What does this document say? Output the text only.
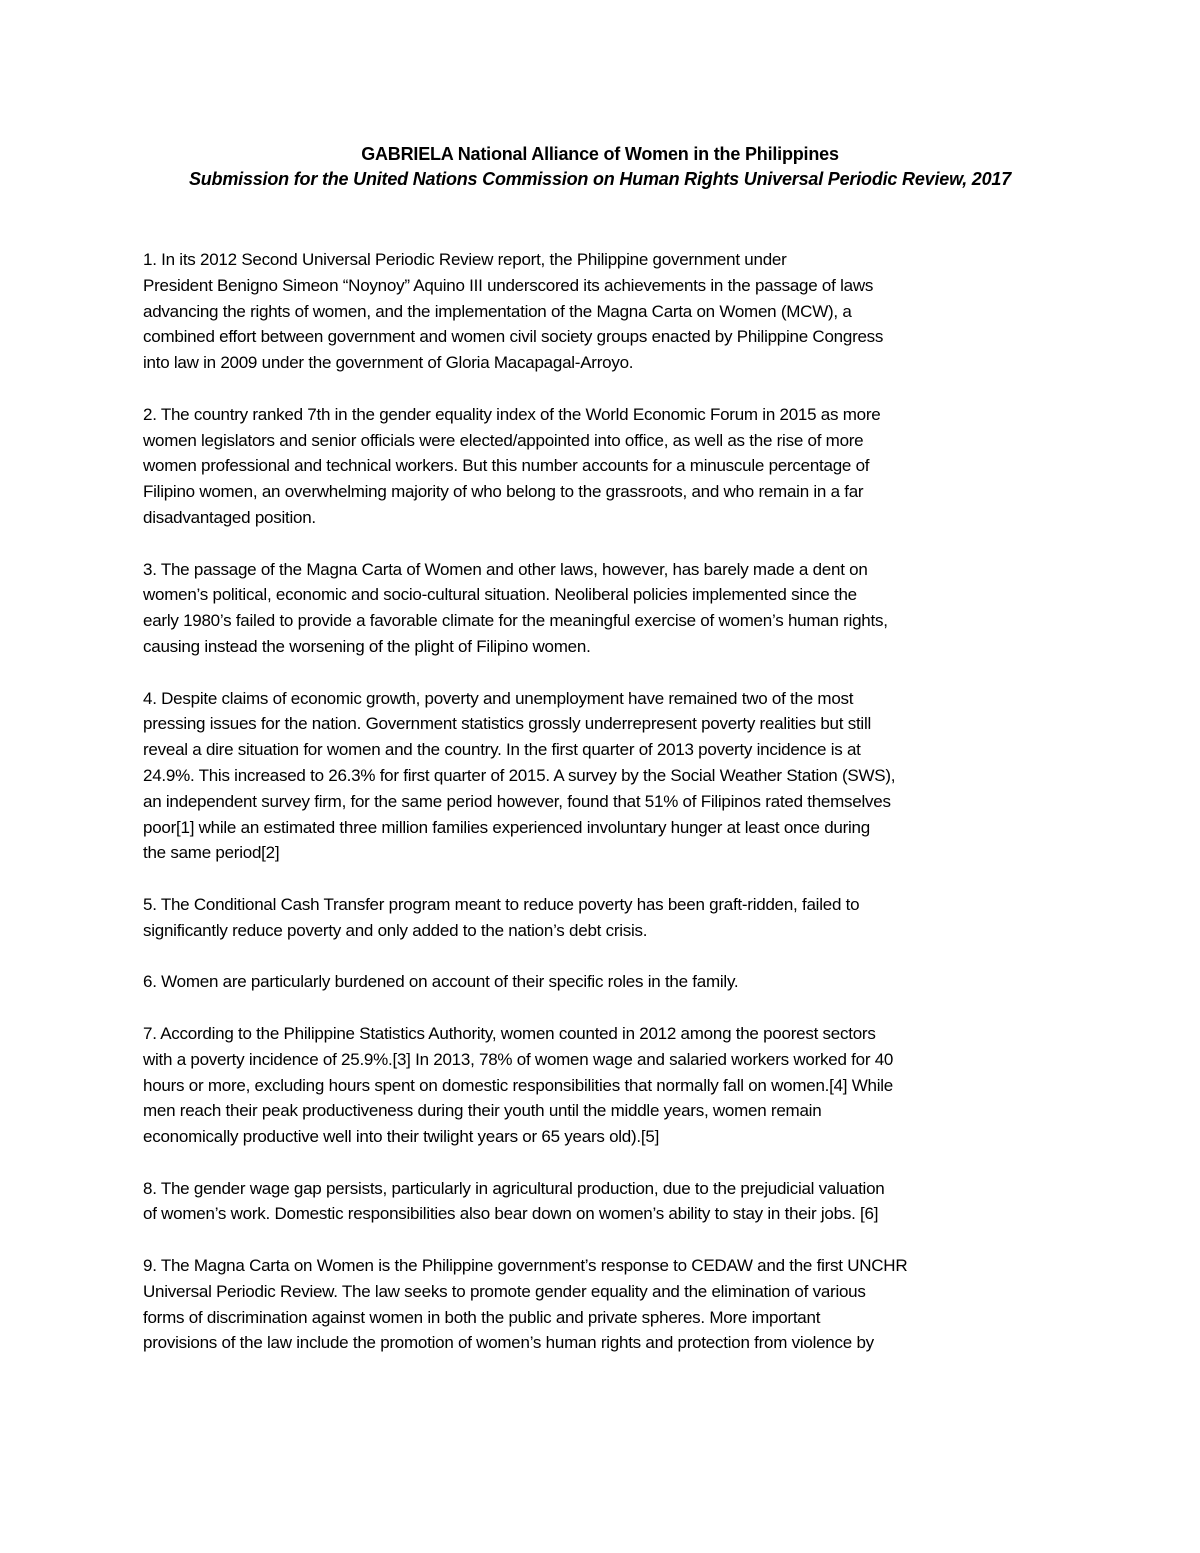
GABRIELA National Alliance of Women in the Philippines
Submission for the United Nations Commission on Human Rights Universal Periodic Review, 2017

1. In its 2012 Second Universal Periodic Review report, the Philippine government under
President Benigno Simeon “Noynoy” Aquino III underscored its achievements in the passage of laws
advancing the rights of women, and the implementation of the Magna Carta on Women (MCW), a
combined effort between government and women civil society groups enacted by Philippine Congress
into law in 2009 under the government of Gloria Macapagal-Arroyo.

2. The country ranked 7th in the gender equality index of the World Economic Forum in 2015 as more
women legislators and senior officials were elected/appointed into office, as well as the rise of more
women professional and technical workers. But this number accounts for a minuscule percentage of
Filipino women, an overwhelming majority of who belong to the grassroots, and who remain in a far
disadvantaged position.

3. The passage of the Magna Carta of Women and other laws, however, has barely made a dent on
women’s political, economic and socio-cultural situation. Neoliberal policies implemented since the
early 1980’s failed to provide a favorable climate for the meaningful exercise of women’s human rights,
causing instead the worsening of the plight of Filipino women.

4. Despite claims of economic growth, poverty and unemployment have remained two of the most
pressing issues for the nation. Government statistics grossly underrepresent poverty realities but still
reveal a dire situation for women and the country. In the first quarter of 2013 poverty incidence is at
24.9%. This increased to 26.3% for first quarter of 2015. A survey by the Social Weather Station (SWS),
an independent survey firm, for the same period however, found that 51% of Filipinos rated themselves
poor[1] while an estimated three million families experienced involuntary hunger at least once during
the same period[2]

5. The Conditional Cash Transfer program meant to reduce poverty has been graft-ridden, failed to
significantly reduce poverty and only added to the nation’s debt crisis.

6. Women are particularly burdened on account of their specific roles in the family.

7. According to the Philippine Statistics Authority, women counted in 2012 among the poorest sectors
with a poverty incidence of 25.9%.[3] In 2013, 78% of women wage and salaried workers worked for 40
hours or more, excluding hours spent on domestic responsibilities that normally fall on women.[4] While
men reach their peak productiveness during their youth until the middle years, women remain
economically productive well into their twilight years or 65 years old).[5]

8. The gender wage gap persists, particularly in agricultural production, due to the prejudicial valuation
of women’s work. Domestic responsibilities also bear down on women’s ability to stay in their jobs. [6]

9. The Magna Carta on Women is the Philippine government’s response to CEDAW and the first UNCHR
Universal Periodic Review. The law seeks to promote gender equality and the elimination of various
forms of discrimination against women in both the public and private spheres. More important
provisions of the law include the promotion of women’s human rights and protection from violence by
